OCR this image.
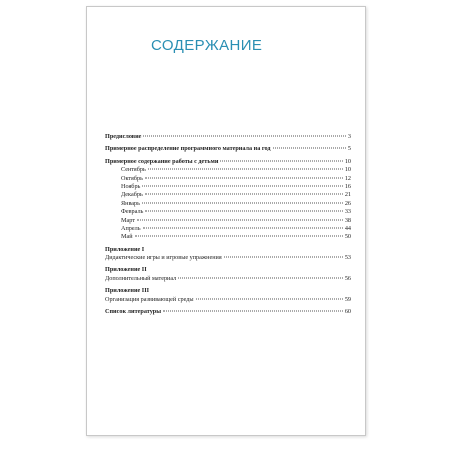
СОДЕРЖАНИЕ
Предисловие	3
Примерное распределение программного материала на год	5
Примерное содержание работы с детьми	10
Сентябрь	10
Октябрь	12
Ноябрь	16
Декабрь	21
Январь	26
Февраль	33
Март	38
Апрель	44
Май	50
Приложение I
Дидактические игры и игровые упражнения	53
Приложение II
Дополнительный материал	56
Приложение III
Организация развивающей среды	59
Список литературы	60
